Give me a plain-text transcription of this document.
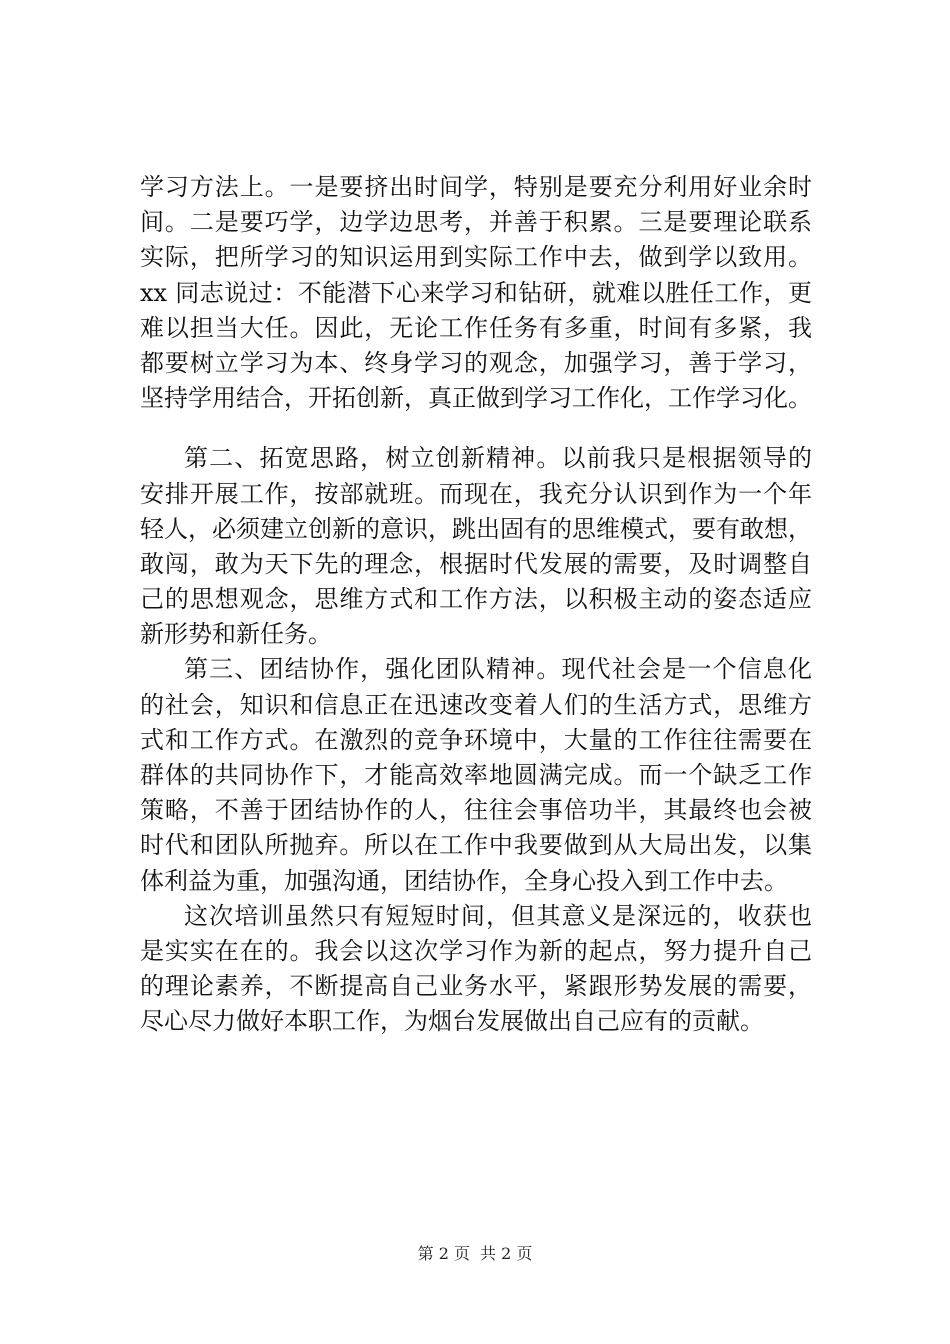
学习方法上。一是要挤出时间学，特别是要充分利用好业余时
间。二是要巧学，边学边思考，并善于积累。三是要理论联系
实际，把所学习的知识运用到实际工作中去，做到学以致用。
xx 同志说过：不能潜下心来学习和钻研，就难以胜任工作，更
难以担当大任。因此，无论工作任务有多重，时间有多紧，我
都要树立学习为本、终身学习的观念，加强学习，善于学习，
坚持学用结合，开拓创新，真正做到学习工作化，工作学习化。
第二、拓宽思路，树立创新精神。以前我只是根据领导的
安排开展工作，按部就班。而现在，我充分认识到作为一个年
轻人，必须建立创新的意识，跳出固有的思维模式，要有敢想，
敢闯，敢为天下先的理念，根据时代发展的需要，及时调整自
己的思想观念，思维方式和工作方法，以积极主动的姿态适应
新形势和新任务。
第三、团结协作，强化团队精神。现代社会是一个信息化
的社会，知识和信息正在迅速改变着人们的生活方式，思维方
式和工作方式。在激烈的竞争环境中，大量的工作往往需要在
群体的共同协作下，才能高效率地圆满完成。而一个缺乏工作
策略，不善于团结协作的人，往往会事倍功半，其最终也会被
时代和团队所抛弃。所以在工作中我要做到从大局出发，以集
体利益为重，加强沟通，团结协作，全身心投入到工作中去。
这次培训虽然只有短短时间，但其意义是深远的，收获也
是实实在在的。我会以这次学习作为新的起点，努力提升自己
的理论素养，不断提高自己业务水平，紧跟形势发展的需要，
尽心尽力做好本职工作，为烟台发展做出自己应有的贡献。
第 2 页 共 2 页
